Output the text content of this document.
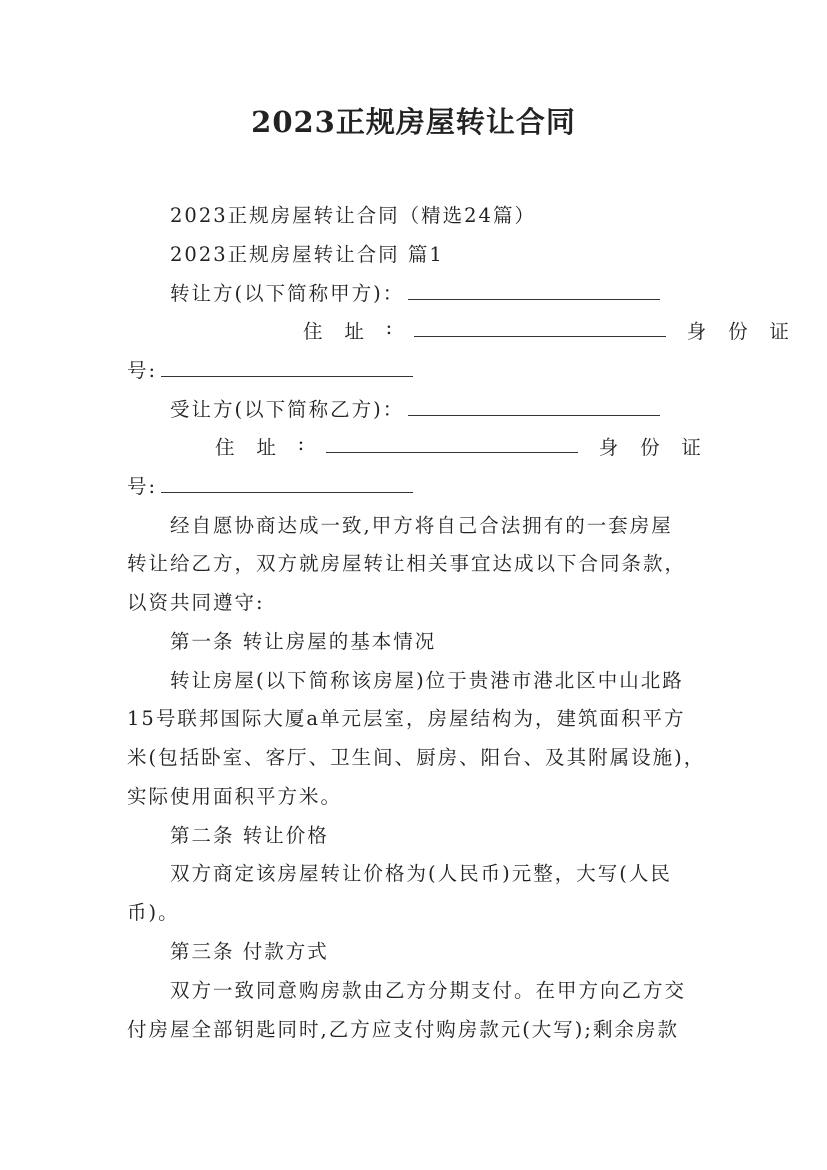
2023正规房屋转让合同
2023正规房屋转让合同（精选24篇）
2023正规房屋转让合同 篇1
转让方(以下简称甲方)：
住 址 :	身 份 证
号:
受让方(以下简称乙方)：
住 址 :	身 份 证
号:
经自愿协商达成一致,甲方将自己合法拥有的一套房屋
转让给乙方，双方就房屋转让相关事宜达成以下合同条款，
以资共同遵守:
第一条 转让房屋的基本情况
转让房屋(以下简称该房屋)位于贵港市港北区中山北路
15号联邦国际大厦a单元层室，房屋结构为，建筑面积平方
米(包括卧室、客厅、卫生间、厨房、阳台、及其附属设施)，
实际使用面积平方米。
第二条 转让价格
双方商定该房屋转让价格为(人民币)元整，大写(人民
币)。
第三条 付款方式
双方一致同意购房款由乙方分期支付。在甲方向乙方交
付房屋全部钥匙同时,乙方应支付购房款元(大写);剩余房款
